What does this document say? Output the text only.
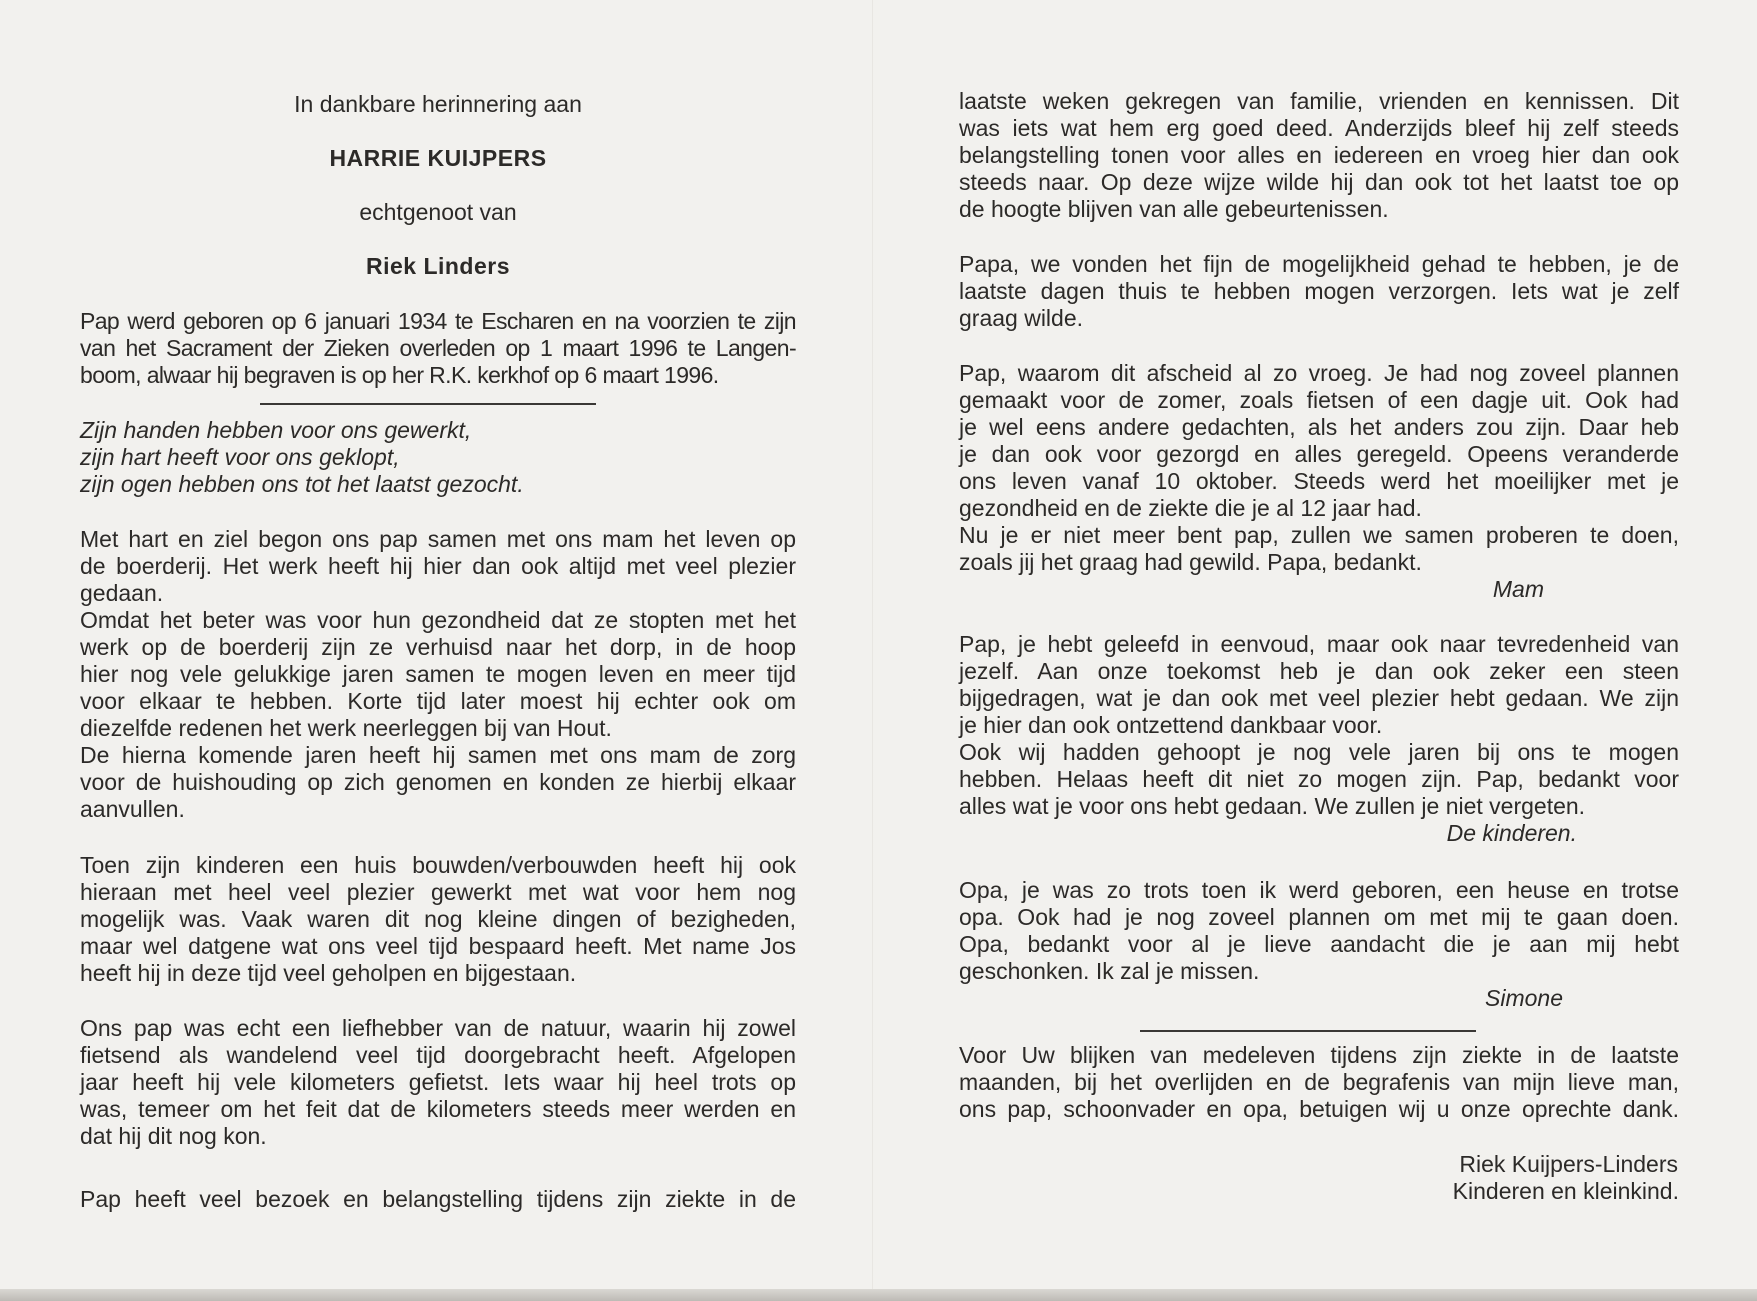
In dankbare herinnering aan
HARRIE KUIJPERS
echtgenoot van
Riek Linders
Pap werd geboren op 6 januari 1934 te Escharen en na voorzien te zijn
van het Sacrament der Zieken overleden op 1 maart 1996 te Langen-
boom, alwaar hij begraven is op her R.K. kerkhof op 6 maart 1996.
Zijn handen hebben voor ons gewerkt,
zijn hart heeft voor ons geklopt,
zijn ogen hebben ons tot het laatst gezocht.
Met hart en ziel begon ons pap samen met ons mam het leven op
de boerderij. Het werk heeft hij hier dan ook altijd met veel plezier
gedaan.
Omdat het beter was voor hun gezondheid dat ze stopten met het
werk op de boerderij zijn ze verhuisd naar het dorp, in de hoop
hier nog vele gelukkige jaren samen te mogen leven en meer tijd
voor elkaar te hebben. Korte tijd later moest hij echter ook om
diezelfde redenen het werk neerleggen bij van Hout.
De hierna komende jaren heeft hij samen met ons mam de zorg
voor de huishouding op zich genomen en konden ze hierbij elkaar
aanvullen.
Toen zijn kinderen een huis bouwden/verbouwden heeft hij ook
hieraan met heel veel plezier gewerkt met wat voor hem nog
mogelijk was. Vaak waren dit nog kleine dingen of bezigheden,
maar wel datgene wat ons veel tijd bespaard heeft. Met name Jos
heeft hij in deze tijd veel geholpen en bijgestaan.
Ons pap was echt een liefhebber van de natuur, waarin hij zowel
fietsend als wandelend veel tijd doorgebracht heeft. Afgelopen
jaar heeft hij vele kilometers gefietst. Iets waar hij heel trots op
was, temeer om het feit dat de kilometers steeds meer werden en
dat hij dit nog kon.
Pap heeft veel bezoek en belangstelling tijdens zijn ziekte in de
laatste weken gekregen van familie, vrienden en kennissen. Dit
was iets wat hem erg goed deed. Anderzijds bleef hij zelf steeds
belangstelling tonen voor alles en iedereen en vroeg hier dan ook
steeds naar. Op deze wijze wilde hij dan ook tot het laatst toe op
de hoogte blijven van alle gebeurtenissen.
Papa, we vonden het fijn de mogelijkheid gehad te hebben, je de
laatste dagen thuis te hebben mogen verzorgen. Iets wat je zelf
graag wilde.
Pap, waarom dit afscheid al zo vroeg. Je had nog zoveel plannen
gemaakt voor de zomer, zoals fietsen of een dagje uit. Ook had
je wel eens andere gedachten, als het anders zou zijn. Daar heb
je dan ook voor gezorgd en alles geregeld. Opeens veranderde
ons leven vanaf 10 oktober. Steeds werd het moeilijker met je
gezondheid en de ziekte die je al 12 jaar had.
Nu je er niet meer bent pap, zullen we samen proberen te doen,
zoals jij het graag had gewild. Papa, bedankt.
Mam
Pap, je hebt geleefd in eenvoud, maar ook naar tevredenheid van
jezelf. Aan onze toekomst heb je dan ook zeker een steen
bijgedragen, wat je dan ook met veel plezier hebt gedaan. We zijn
je hier dan ook ontzettend dankbaar voor.
Ook wij hadden gehoopt je nog vele jaren bij ons te mogen
hebben. Helaas heeft dit niet zo mogen zijn. Pap, bedankt voor
alles wat je voor ons hebt gedaan. We zullen je niet vergeten.
De kinderen.
Opa, je was zo trots toen ik werd geboren, een heuse en trotse
opa. Ook had je nog zoveel plannen om met mij te gaan doen.
Opa, bedankt voor al je lieve aandacht die je aan mij hebt
geschonken. Ik zal je missen.
Simone
Voor Uw blijken van medeleven tijdens zijn ziekte in de laatste
maanden, bij het overlijden en de begrafenis van mijn lieve man,
ons pap, schoonvader en opa, betuigen wij u onze oprechte dank.
Riek Kuijpers-Linders
Kinderen en kleinkind.
